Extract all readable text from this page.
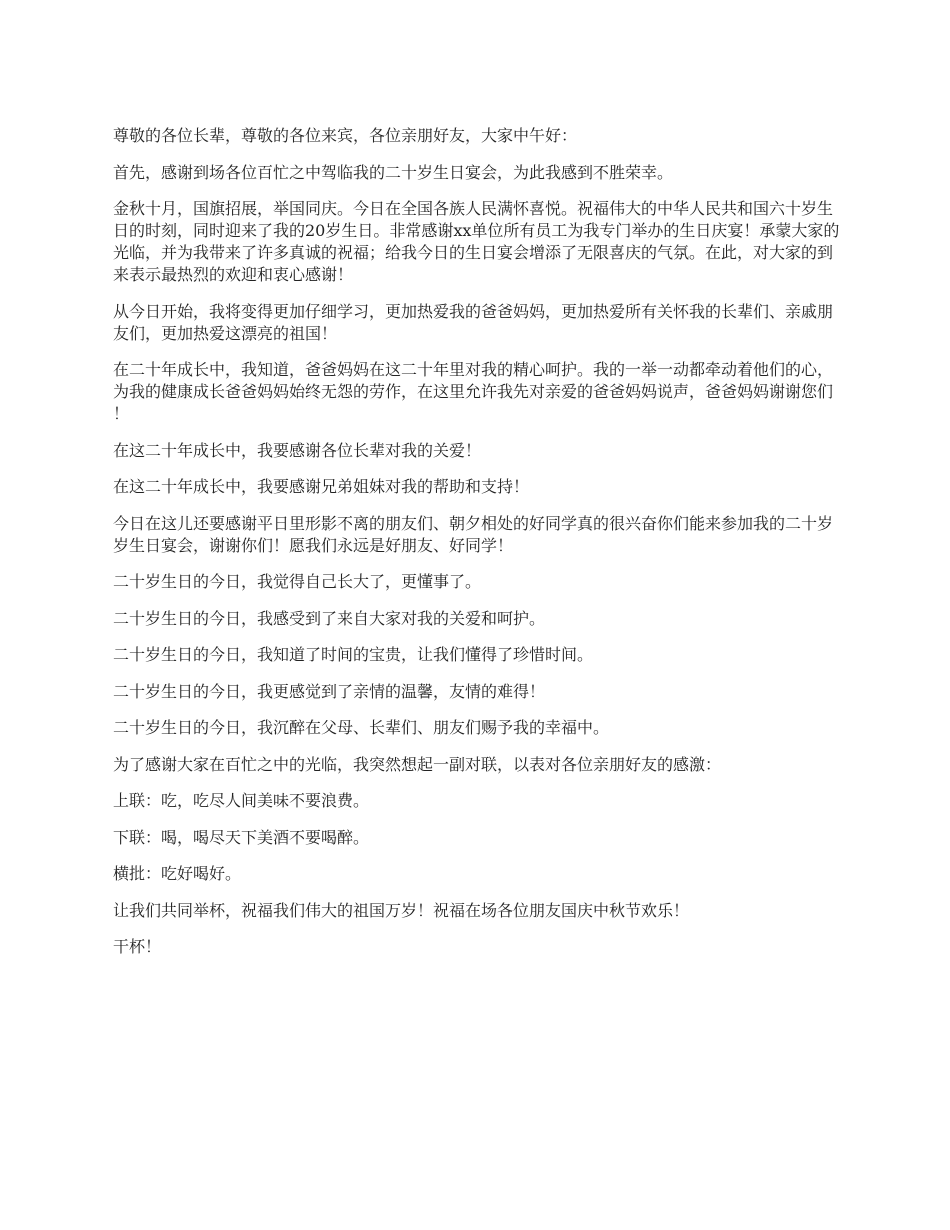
尊敬的各位长辈，尊敬的各位来宾，各位亲朋好友，大家中午好：

首先，感谢到场各位百忙之中驾临我的二十岁生日宴会，为此我感到不胜荣幸。

金秋十月，国旗招展，举国同庆。今日在全国各族人民满怀喜悦。祝福伟大的中华人民共和国六十岁生日的时刻，同时迎来了我的20岁生日。非常感谢xx单位所有员工为我专门举办的生日庆宴！承蒙大家的光临，并为我带来了许多真诚的祝福；给我今日的生日宴会增添了无限喜庆的气氛。在此，对大家的到来表示最热烈的欢迎和衷心感谢！

从今日开始，我将变得更加仔细学习，更加热爱我的爸爸妈妈，更加热爱所有关怀我的长辈们、亲戚朋友们，更加热爱这漂亮的祖国！

在二十年成长中，我知道，爸爸妈妈在这二十年里对我的精心呵护。我的一举一动都牵动着他们的心，为我的健康成长爸爸妈妈始终无怨的劳作，在这里允许我先对亲爱的爸爸妈妈说声，爸爸妈妈谢谢您们！

在这二十年成长中，我要感谢各位长辈对我的关爱！

在这二十年成长中，我要感谢兄弟姐妹对我的帮助和支持！

今日在这儿还要感谢平日里形影不离的朋友们、朝夕相处的好同学真的很兴奋你们能来参加我的二十岁岁生日宴会，谢谢你们！愿我们永远是好朋友、好同学！

二十岁生日的今日，我觉得自己长大了，更懂事了。

二十岁生日的今日，我感受到了来自大家对我的关爱和呵护。

二十岁生日的今日，我知道了时间的宝贵，让我们懂得了珍惜时间。

二十岁生日的今日，我更感觉到了亲情的温馨，友情的难得！

二十岁生日的今日，我沉醉在父母、长辈们、朋友们赐予我的幸福中。

为了感谢大家在百忙之中的光临，我突然想起一副对联，以表对各位亲朋好友的感激：

上联：吃，吃尽人间美味不要浪费。

下联：喝，喝尽天下美酒不要喝醉。

横批：吃好喝好。

让我们共同举杯，祝福我们伟大的祖国万岁！祝福在场各位朋友国庆中秋节欢乐！

干杯！
